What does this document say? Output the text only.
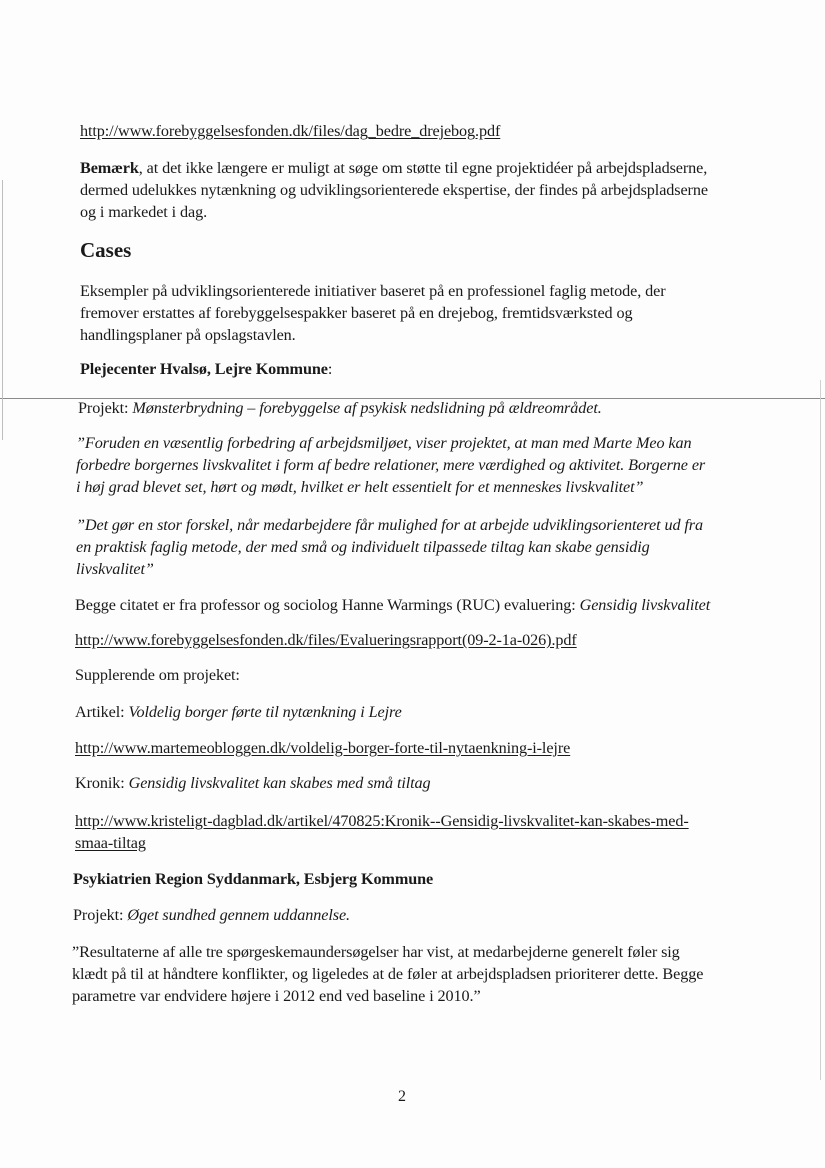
http://www.forebyggelsesfonden.dk/files/dag_bedre_drejebog.pdf
Bemærk, at det ikke længere er muligt at søge om støtte til egne projektidéer på arbejdspladserne,
dermed udelukkes nytænkning og udviklingsorienterede ekspertise, der findes på arbejdspladserne
og i markedet i dag.
Cases
Eksempler på udviklingsorienterede initiativer baseret på en professionel faglig metode, der
fremover erstattes af forebyggelsespakker baseret på en drejebog, fremtidsværksted og
handlingsplaner på opslagstavlen.
Plejecenter Hvalsø, Lejre Kommune:
Projekt: Mønsterbrydning – forebyggelse af psykisk nedslidning på ældreområdet.
”Foruden en væsentlig forbedring af arbejdsmiljøet, viser projektet, at man med Marte Meo kan
forbedre borgernes livskvalitet i form af bedre relationer, mere værdighed og aktivitet. Borgerne er
i høj grad blevet set, hørt og mødt, hvilket er helt essentielt for et menneskes livskvalitet”
”Det gør en stor forskel, når medarbejdere får mulighed for at arbejde udviklingsorienteret ud fra
en praktisk faglig metode, der med små og individuelt tilpassede tiltag kan skabe gensidig
livskvalitet”
Begge citatet er fra professor og sociolog Hanne Warmings (RUC) evaluering: Gensidig livskvalitet
http://www.forebyggelsesfonden.dk/files/Evalueringsrapport(09-2-1a-026).pdf
Supplerende om projeket:
Artikel: Voldelig borger førte til nytænkning i Lejre
http://www.martemeobloggen.dk/voldelig-borger-forte-til-nytaenkning-i-lejre
Kronik: Gensidig livskvalitet kan skabes med små tiltag
http://www.kristeligt-dagblad.dk/artikel/470825:Kronik--Gensidig-livskvalitet-kan-skabes-med-
smaa-tiltag
Psykiatrien Region Syddanmark, Esbjerg Kommune
Projekt: Øget sundhed gennem uddannelse.
”Resultaterne af alle tre spørgeskemaundersøgelser har vist, at medarbejderne generelt føler sig
klædt på til at håndtere konflikter, og ligeledes at de føler at arbejdspladsen prioriterer dette. Begge
parametre var endvidere højere i 2012 end ved baseline i 2010.”
2
